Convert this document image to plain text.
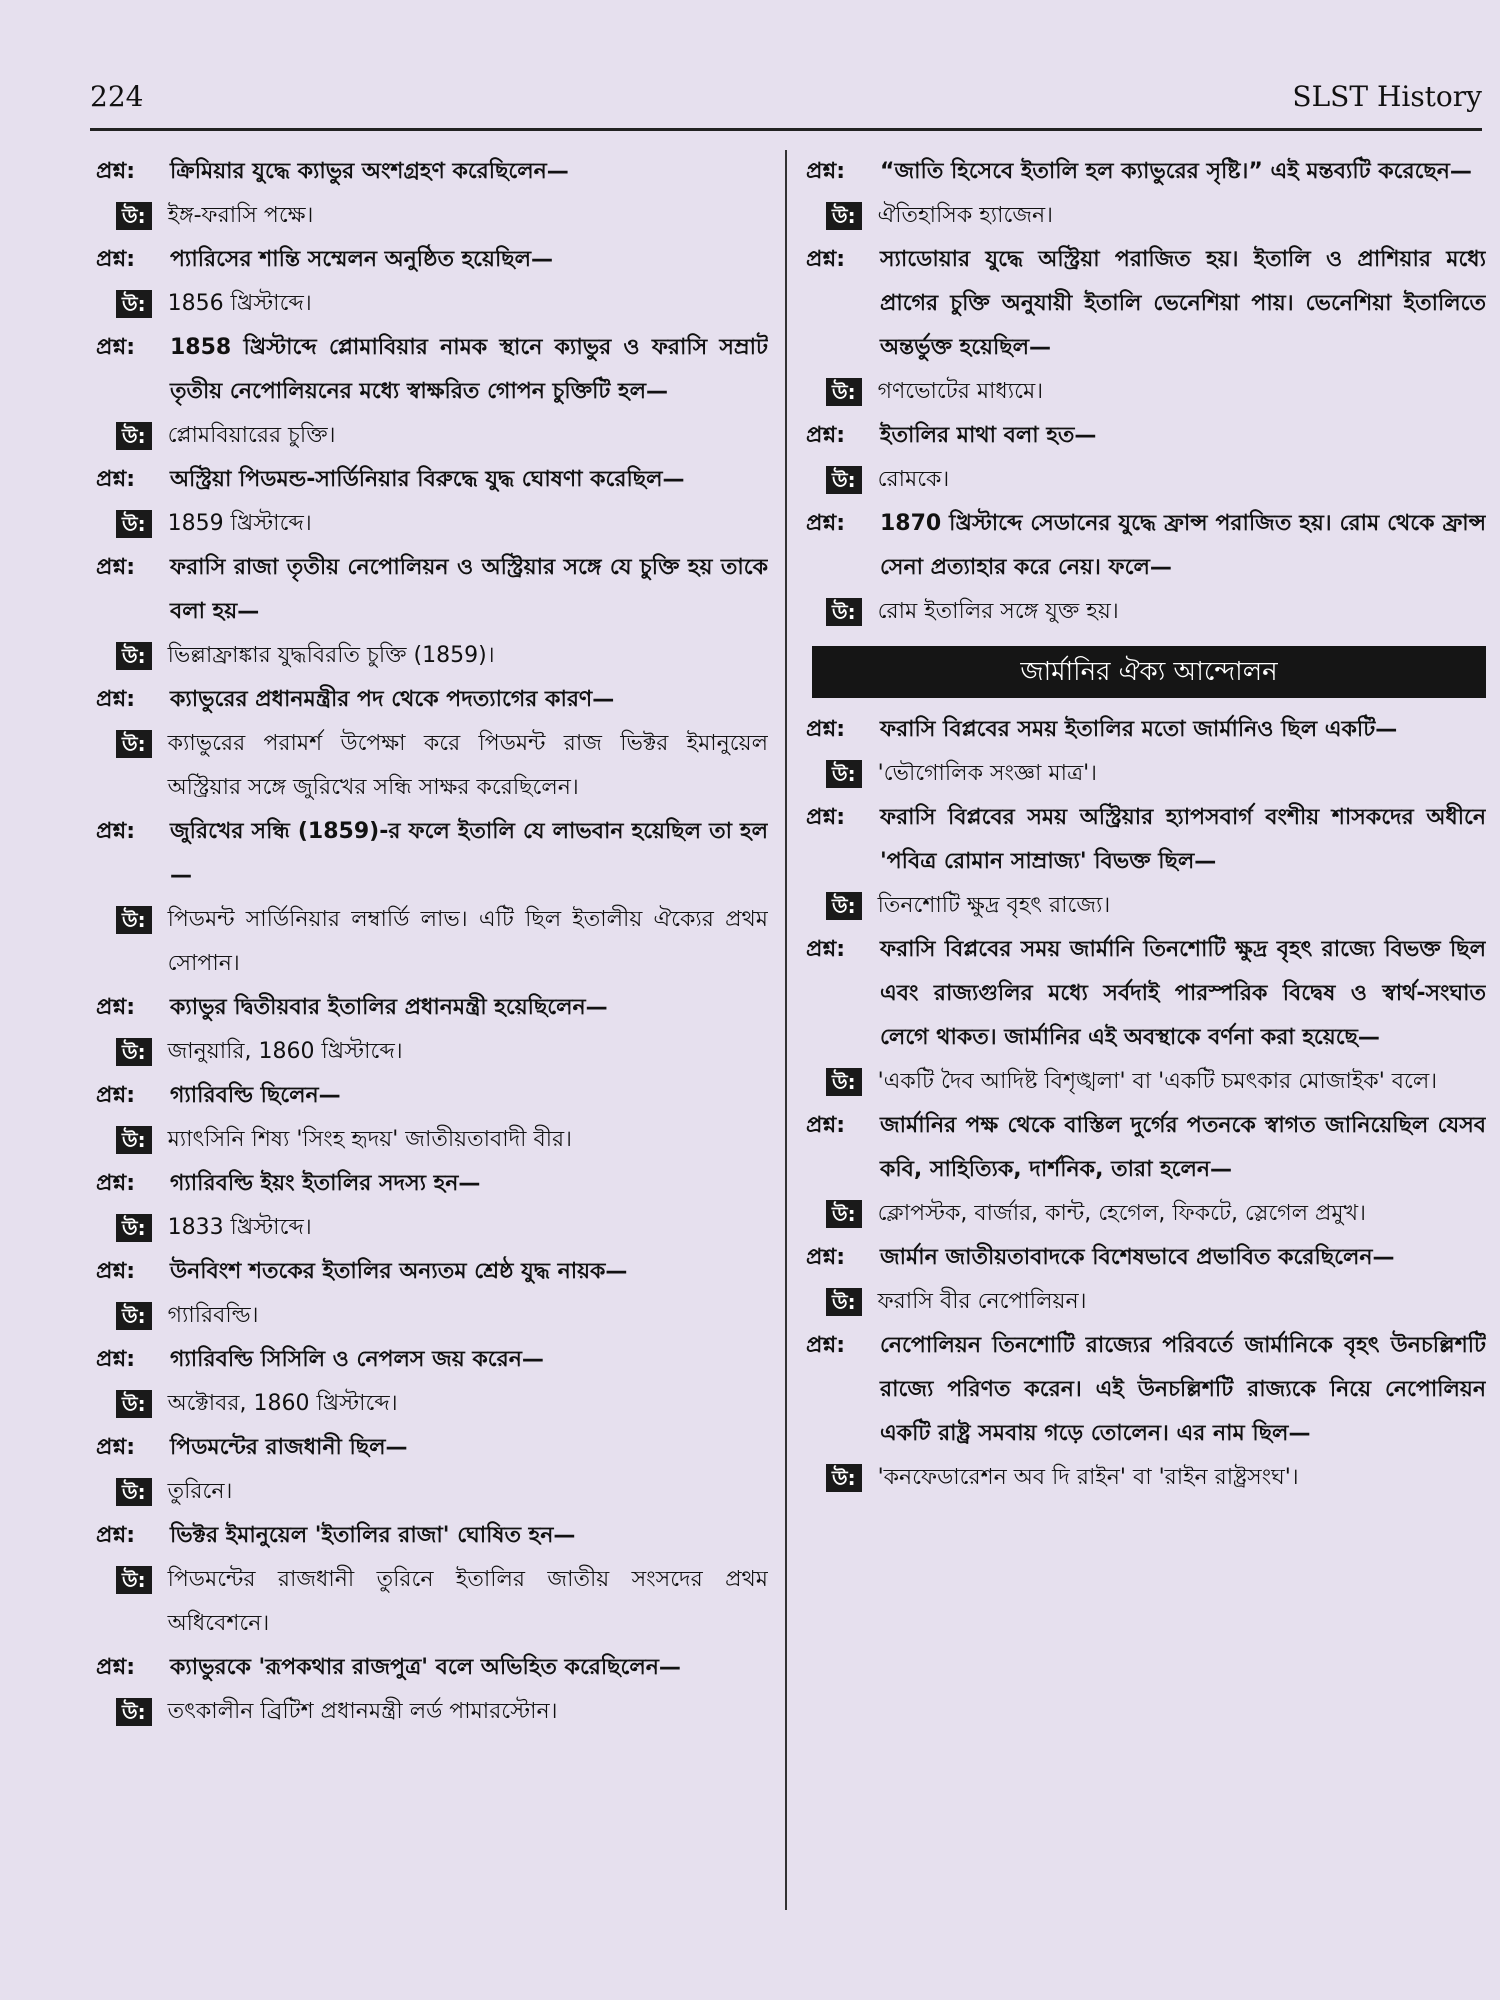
224	SLST History
প্রশ্ন:	ক্রিমিয়ার যুদ্ধে ক্যাভুর অংশগ্রহণ করেছিলেন—
উ: ইঙ্গ-ফরাসি পক্ষে।
প্রশ্ন:	প্যারিসের শান্তি সম্মেলন অনুষ্ঠিত হয়েছিল—
উ: 1856 খ্রিস্টাব্দে।
প্রশ্ন:	1858 খ্রিস্টাব্দে প্লোমাবিয়ার নামক স্থানে ক্যাভুর ও ফরাসি সম্রাট তৃতীয় নেপোলিয়নের মধ্যে স্বাক্ষরিত গোপন চুক্তিটি হল—
উ: প্লোমবিয়ারের চুক্তি।
প্রশ্ন:	অস্ট্রিয়া পিডমন্ড-সার্ডিনিয়ার বিরুদ্ধে যুদ্ধ ঘোষণা করেছিল—
উ: 1859 খ্রিস্টাব্দে।
প্রশ্ন:	ফরাসি রাজা তৃতীয় নেপোলিয়ন ও অস্ট্রিয়ার সঙ্গে যে চুক্তি হয় তাকে বলা হয়—
উ: ভিল্লাফ্রাঙ্কার যুদ্ধবিরতি চুক্তি (1859)।
প্রশ্ন:	ক্যাভুরের প্রধানমন্ত্রীর পদ থেকে পদত্যাগের কারণ—
উ: ক্যাভুরের পরামর্শ উপেক্ষা করে পিডমন্ট রাজ ভিক্টর ইমানুয়েল অস্ট্রিয়ার সঙ্গে জুরিখের সন্ধি সাক্ষর করেছিলেন।
প্রশ্ন:	জুরিখের সন্ধি (1859)-র ফলে ইতালি যে লাভবান হয়েছিল তা হল—
উ: পিডমন্ট সার্ডিনিয়ার লম্বার্ডি লাভ। এটি ছিল ইতালীয় ঐক্যের প্রথম সোপান।
প্রশ্ন:	ক্যাভুর দ্বিতীয়বার ইতালির প্রধানমন্ত্রী হয়েছিলেন—
উ: জানুয়ারি, 1860 খ্রিস্টাব্দে।
প্রশ্ন:	গ্যারিবল্ডি ছিলেন—
উ: ম্যাৎসিনি শিষ্য 'সিংহ হৃদয়' জাতীয়তাবাদী বীর।
প্রশ্ন:	গ্যারিবল্ডি ইয়ং ইতালির সদস্য হন—
উ: 1833 খ্রিস্টাব্দে।
প্রশ্ন:	উনবিংশ শতকের ইতালির অন্যতম শ্রেষ্ঠ যুদ্ধ নায়ক—
উ: গ্যারিবল্ডি।
প্রশ্ন:	গ্যারিবল্ডি সিসিলি ও নেপলস জয় করেন—
উ: অক্টোবর, 1860 খ্রিস্টাব্দে।
প্রশ্ন:	পিডমন্টের রাজধানী ছিল—
উ: তুরিনে।
প্রশ্ন:	ভিক্টর ইমানুয়েল 'ইতালির রাজা' ঘোষিত হন—
উ: পিডমন্টের রাজধানী তুরিনে ইতালির জাতীয় সংসদের প্রথম অধিবেশনে।
প্রশ্ন:	ক্যাভুরকে 'রূপকথার রাজপুত্র' বলে অভিহিত করেছিলেন—
উ: তৎকালীন ব্রিটিশ প্রধানমন্ত্রী লর্ড পামারস্টোন।
প্রশ্ন:	“জাতি হিসেবে ইতালি হল ক্যাভুরের সৃষ্টি।” এই মন্তব্যটি করেছেন—
উ: ঐতিহাসিক হ্যাজেন।
প্রশ্ন:	স্যাডোয়ার যুদ্ধে অস্ট্রিয়া পরাজিত হয়। ইতালি ও প্রাশিয়ার মধ্যে প্রাগের চুক্তি অনুযায়ী ইতালি ভেনেশিয়া পায়। ভেনেশিয়া ইতালিতে অন্তর্ভুক্ত হয়েছিল—
উ: গণভোটের মাধ্যমে।
প্রশ্ন:	ইতালির মাথা বলা হত—
উ: রোমকে।
প্রশ্ন:	1870 খ্রিস্টাব্দে সেডানের যুদ্ধে ফ্রান্স পরাজিত হয়। রোম থেকে ফ্রান্স সেনা প্রত্যাহার করে নেয়। ফলে—
উ: রোম ইতালির সঙ্গে যুক্ত হয়।
জার্মানির ঐক্য আন্দোলন
প্রশ্ন:	ফরাসি বিপ্লবের সময় ইতালির মতো জার্মানিও ছিল একটি—
উ: 'ভৌগোলিক সংজ্ঞা মাত্র'।
প্রশ্ন:	ফরাসি বিপ্লবের সময় অস্ট্রিয়ার হ্যাপসবার্গ বংশীয় শাসকদের অধীনে 'পবিত্র রোমান সাম্রাজ্য' বিভক্ত ছিল—
উ: তিনশোটি ক্ষুদ্র বৃহৎ রাজ্যে।
প্রশ্ন:	ফরাসি বিপ্লবের সময় জার্মানি তিনশোটি ক্ষুদ্র বৃহৎ রাজ্যে বিভক্ত ছিল এবং রাজ্যগুলির মধ্যে সর্বদাই পারস্পরিক বিদ্বেষ ও স্বার্থ-সংঘাত লেগে থাকত। জার্মানির এই অবস্থাকে বর্ণনা করা হয়েছে—
উ: 'একটি দৈব আদিষ্ট বিশৃঙ্খলা' বা 'একটি চমৎকার মোজাইক' বলে।
প্রশ্ন:	জার্মানির পক্ষ থেকে বাস্তিল দুর্গের পতনকে স্বাগত জানিয়েছিল যেসব কবি, সাহিত্যিক, দার্শনিক, তারা হলেন—
উ: ক্লোপস্টক, বার্জার, কান্ট, হেগেল, ফিকটে, স্লেগেল প্রমুখ।
প্রশ্ন:	জার্মান জাতীয়তাবাদকে বিশেষভাবে প্রভাবিত করেছিলেন—
উ: ফরাসি বীর নেপোলিয়ন।
প্রশ্ন:	নেপোলিয়ন তিনশোটি রাজ্যের পরিবর্তে জার্মানিকে বৃহৎ উনচল্লিশটি রাজ্যে পরিণত করেন। এই উনচল্লিশটি রাজ্যকে নিয়ে নেপোলিয়ন একটি রাষ্ট্র সমবায় গড়ে তোলেন। এর নাম ছিল—
উ: 'কনফেডারেশন অব দি রাইন' বা 'রাইন রাষ্ট্রসংঘ'।
